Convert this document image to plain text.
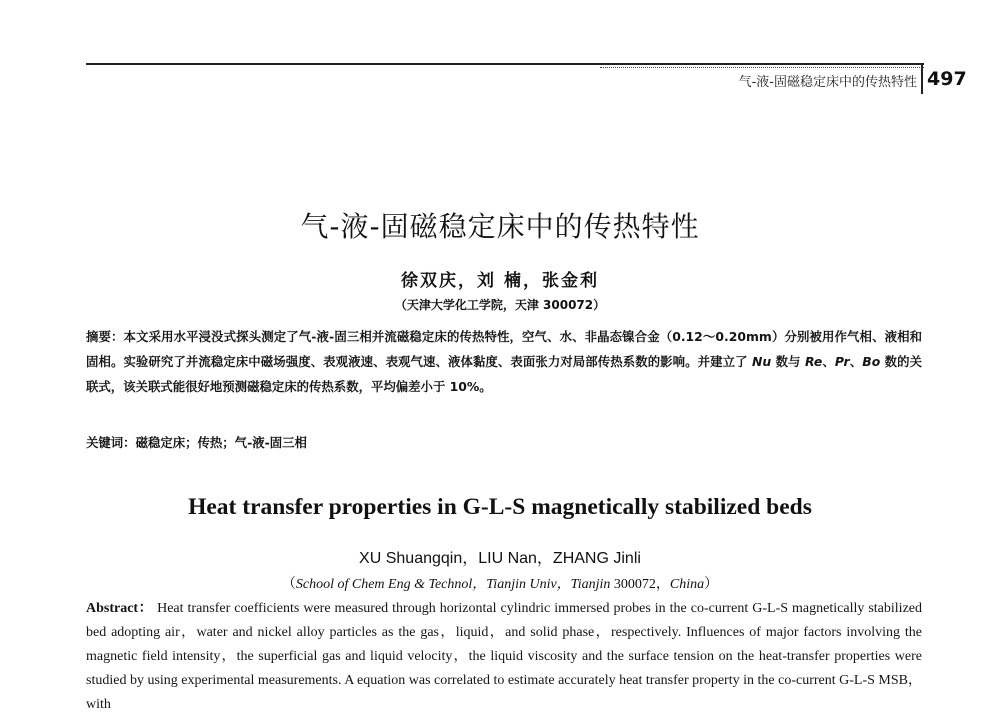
气-液-固磁稳定床中的传热特性 497
气-液-固磁稳定床中的传热特性
徐双庆，刘 楠，张金利
（天津大学化工学院，天津 300072）
摘要：本文采用水平浸没式探头测定了气-液-固三相并流磁稳定床的传热特性，空气、水、非晶态镍合金（0.12～0.20mm）分别被用作气相、液相和固相。实验研究了并流稳定床中磁场强度、表观液速、表观气速、液体黏度、表面张力对局部传热系数的影响。并建立了 Nu 数与 Re、Pr、Bo 数的关联式，该关联式能很好地预测磁稳定床的传热系数，平均偏差小于 10%。
关键词：磁稳定床；传热；气-液-固三相
Heat transfer properties in G-L-S magnetically stabilized beds
XU Shuangqin，LIU Nan，ZHANG Jinli
（School of Chem Eng & Technol，Tianjin Univ，Tianjin 300072，China）
Abstract： Heat transfer coefficients were measured through horizontal cylindric immersed probes in the co-current G-L-S magnetically stabilized bed adopting air，water and nickel alloy particles as the gas，liquid，and solid phase，respectively. Influences of major factors involving the magnetic field intensity，the superficial gas and liquid velocity，the liquid viscosity and the surface tension on the heat-transfer properties were studied by using experimental measurements. A equation was correlated to estimate accurately heat transfer property in the co-current G-L-S MSB，with
